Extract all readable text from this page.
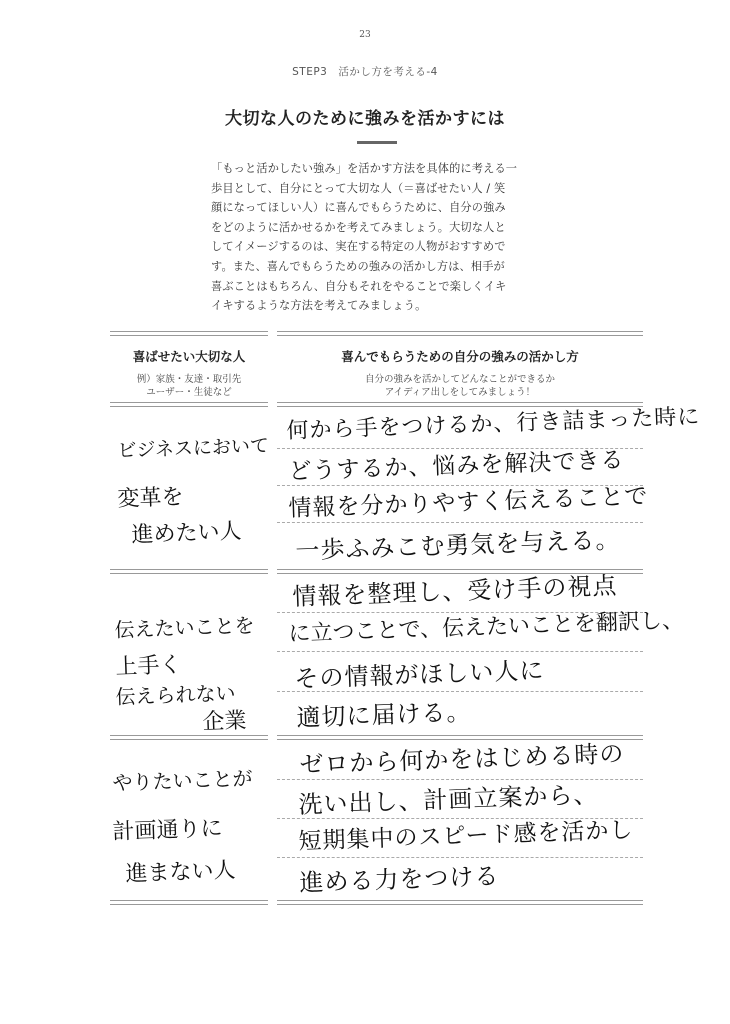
23
STEP3　活かし方を考える-4
大切な人のために強みを活かすには
「もっと活かしたい強み」を活かす方法を具体的に考える一
歩目として、自分にとって大切な人（＝喜ばせたい人 / 笑
顔になってほしい人）に喜んでもらうために、自分の強み
をどのように活かせるかを考えてみましょう。大切な人と
してイメージするのは、実在する特定の人物がおすすめで
す。また、喜んでもらうための強みの活かし方は、相手が
喜ぶことはもちろん、自分もそれをやることで楽しくイキ
イキするような方法を考えてみましょう。
喜ばせたい大切な人
例）家族・友達・取引先
ユーザー・生徒など
喜んでもらうための自分の強みの活かし方
自分の強みを活かしてどんなことができるか
アイディア出しをしてみましょう！
ビジネスにおいて
変革を
進めたい人
何から手をつけるか、行き詰まった時に
どうするか、悩みを解決できる
情報を分かりやすく伝えることで
一歩ふみこむ勇気を与える。
伝えたいことを
上手く
伝えられない
企業
情報を整理し、受け手の視点
に立つことで、伝えたいことを翻訳し、
その情報がほしい人に
適切に届ける。
やりたいことが
計画通りに
進まない人
ゼロから何かをはじめる時の
洗い出し、計画立案から、
短期集中のスピード感を活かし
進める力をつける
